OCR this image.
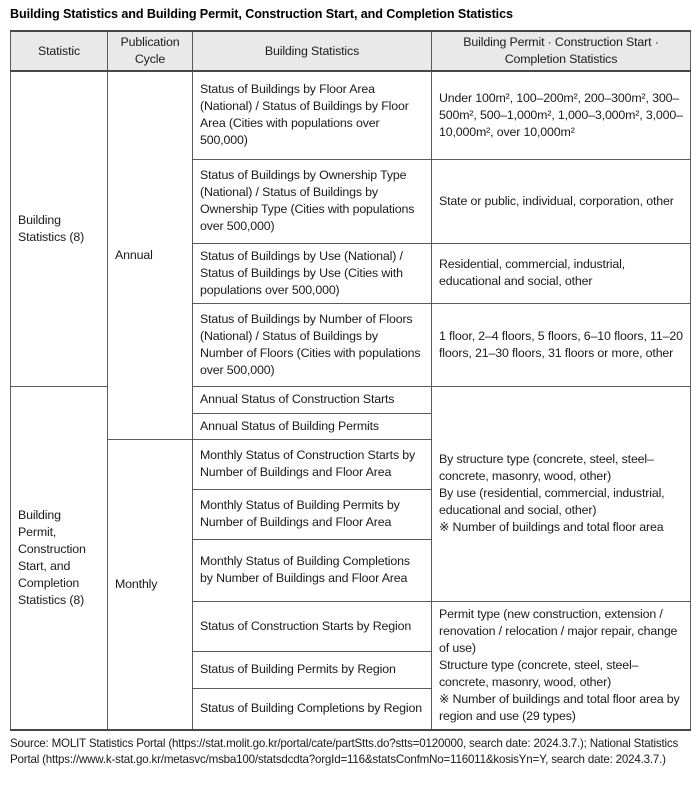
Building Statistics and Building Permit, Construction Start, and Completion Statistics
Statistic	Publication Cycle	Building Statistics	Building Permit · Construction Start · Completion Statistics
Building Statistics (8)	Annual	Status of Buildings by Floor Area (National) / Status of Buildings by Floor Area (Cities with populations over 500,000)	Under 100m², 100–200m², 200–300m², 300–500m², 500–1,000m², 1,000–3,000m², 3,000–10,000m², over 10,000m²
		Status of Buildings by Ownership Type (National) / Status of Buildings by Ownership Type (Cities with populations over 500,000)	State or public, individual, corporation, other
		Status of Buildings by Use (National) / Status of Buildings by Use (Cities with populations over 500,000)	Residential, commercial, industrial, educational and social, other
		Status of Buildings by Number of Floors (National) / Status of Buildings by Number of Floors (Cities with populations over 500,000)	1 floor, 2–4 floors, 5 floors, 6–10 floors, 11–20 floors, 21–30 floors, 31 floors or more, other
Building Permit, Construction Start, and Completion Statistics (8)		Annual Status of Construction Starts	By structure type (concrete, steel, steel–concrete, masonry, wood, other)
By use (residential, commercial, industrial, educational and social, other)
※ Number of buildings and total floor area

		Annual Status of Building Permits	
	Monthly	Monthly Status of Construction Starts by Number of Buildings and Floor Area	
		Monthly Status of Building Permits by Number of Buildings and Floor Area	
		Monthly Status of Building Completions by Number of Buildings and Floor Area	
		Status of Construction Starts by Region	Permit type (new construction, extension / renovation / relocation / major repair, change of use)
Structure type (concrete, steel, steel–concrete, masonry, wood, other)
※ Number of buildings and total floor area by region and use (29 types)

		Status of Building Permits by Region	
		Status of Building Completions by Region	
Source: MOLIT Statistics Portal (https://stat.molit.go.kr/portal/cate/partStts.do?stts=0120000, search date: 2024.3.7.); National Statistics Portal (https://www.k-stat.go.kr/metasvc/msba100/statsdcdta?orgId=116&statsConfmNo=116011&kosisYn=Y, search date: 2024.3.7.)
